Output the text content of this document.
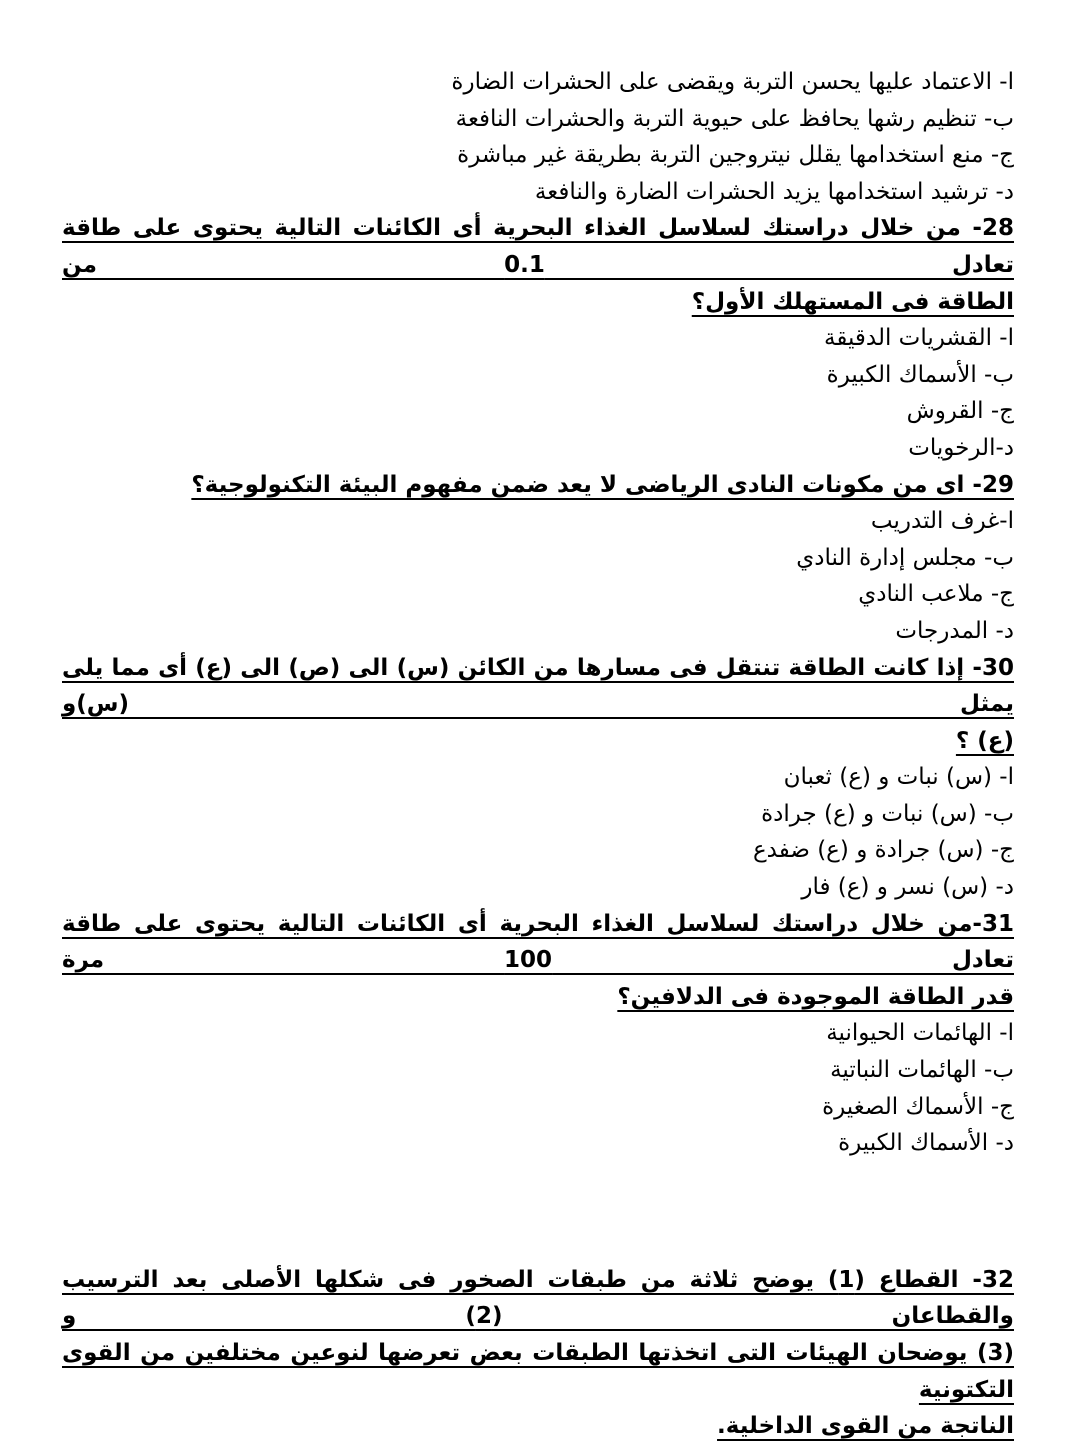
ا- الاعتماد عليها يحسن التربة ويقضى على الحشرات الضارة
ب- تنظيم رشها يحافظ على حيوية التربة والحشرات النافعة
ج- منع استخدامها يقلل نيتروجين التربة بطريقة غير مباشرة
د- ترشيد استخدامها يزيد الحشرات الضارة والنافعة
28- من خلال دراستك لسلاسل الغذاء البحرية أى الكائنات التالية يحتوى على طاقة تعادل 0.1 من
الطاقة فى المستهلك الأول؟
ا- القشريات الدقيقة
ب- الأسماك الكبيرة
ج- القروش
د-الرخويات
29- اى من مكونات النادى الرياضى لا يعد ضمن مفهوم البيئة التكنولوجية؟
ا-غرف التدريب
ب- مجلس إدارة النادي
ج- ملاعب النادي
د- المدرجات
30- إذا كانت الطاقة تنتقل فى مسارها من الكائن (س) الى (ص) الى (ع) أى مما يلى يمثل (س)و
(ع) ؟
ا- (س) نبات و (ع) ثعبان
ب- (س) نبات و (ع) جرادة
ج- (س) جرادة و (ع) ضفدع
د- (س) نسر و (ع) فار
31-من خلال دراستك لسلاسل الغذاء البحرية أى الكائنات التالية يحتوى على طاقة تعادل 100 مرة
قدر الطاقة الموجودة فى الدلافين؟
ا- الهائمات الحيوانية
ب- الهائمات النباتية
ج- الأسماك الصغيرة
د- الأسماك الكبيرة
32- القطاع (1) يوضح ثلاثة من طبقات الصخور فى شكلها الأصلى بعد الترسيب والقطاعان (2) و
(3) يوضحان الهيئات التى اتخذتها الطبقات بعض تعرضها لنوعين مختلفين من القوى التكتونية
الناتجة من القوى الداخلية.
